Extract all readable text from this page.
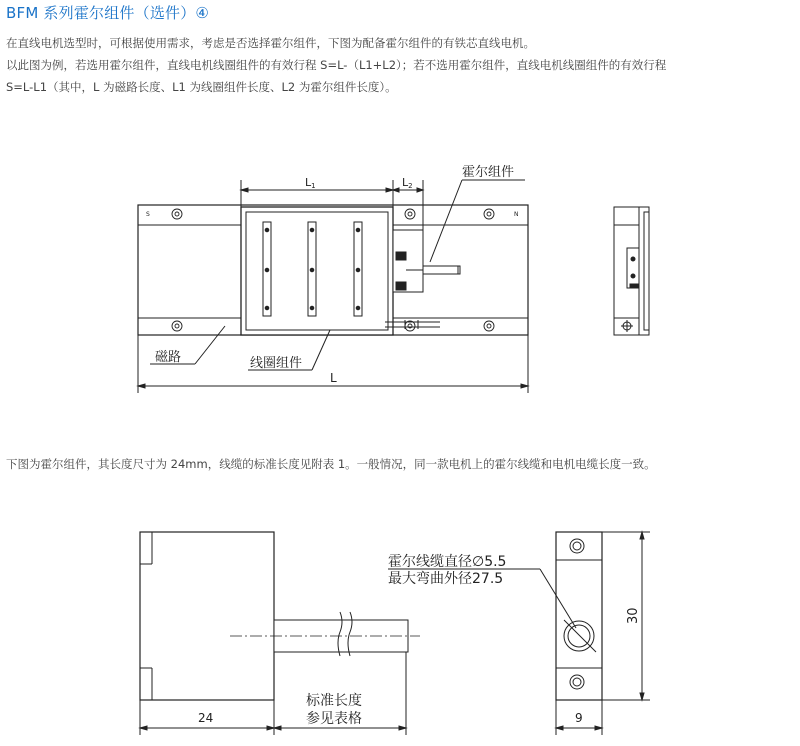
BFM 系列霍尔组件（选件）④
在直线电机选型时，可根据使用需求，考虑是否选择霍尔组件，下图为配备霍尔组件的有铁芯直线电机。
以此图为例，若选用霍尔组件，直线电机线圈组件的有效行程 S=L-（L1+L2）；若不选用霍尔组件，直线电机线圈组件的有效行程
S=L-L1（其中，L 为磁路长度、L1 为线圈组件长度、L2 为霍尔组件长度）。
下图为霍尔组件，其长度尺寸为 24mm，线缆的标准长度见附表 1。一般情况，同一款电机上的霍尔线缆和电机电缆长度一致。
S	N
L1	L2
霍尔组件
磁路	线圈组件
L
24
标准长度
参见表格
30
9
霍尔线缆直径∅5.5
最大弯曲外径27.5
